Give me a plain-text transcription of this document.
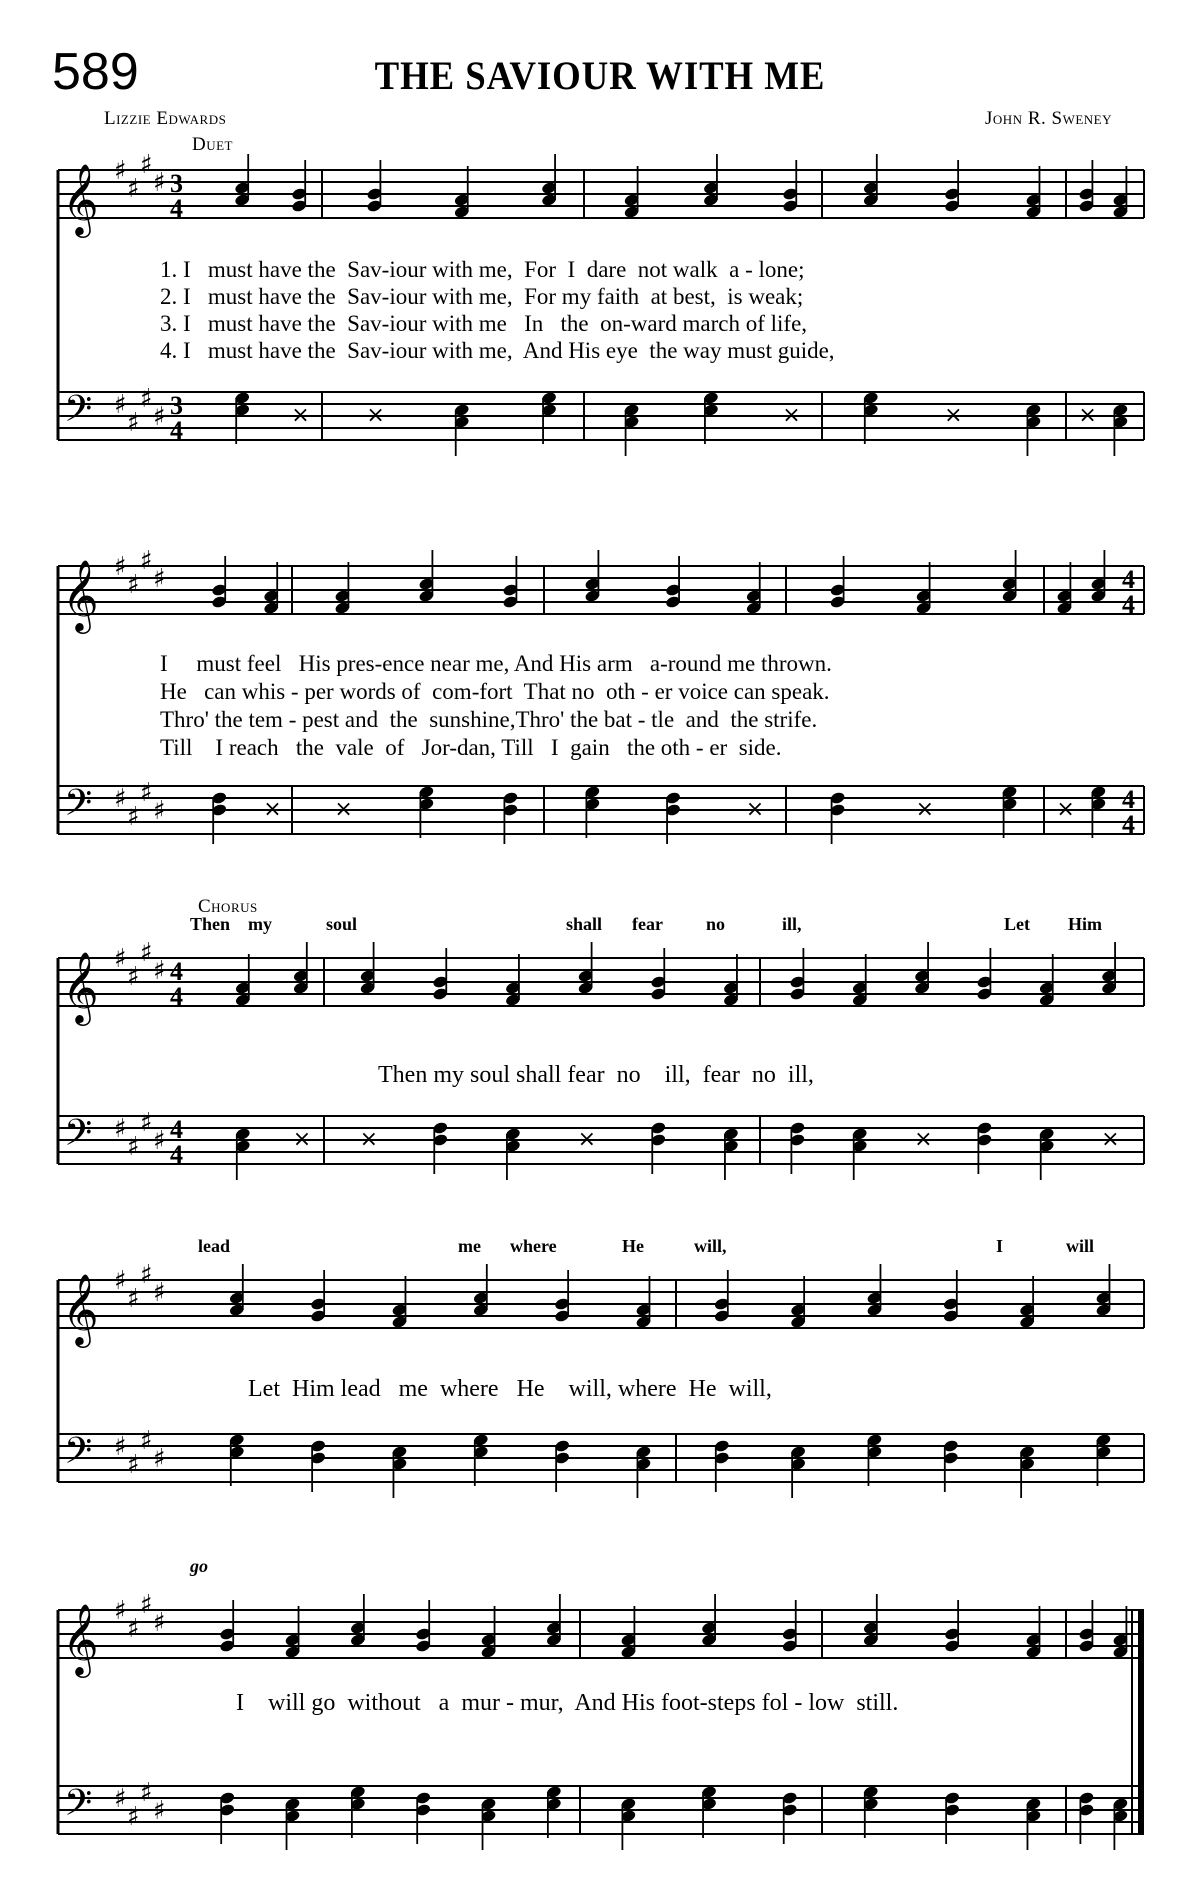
589	THE SAVIOUR WITH ME
Lizzie Edwards	John R. Sweney
Duet
Chorus
1. I   must have the  Sav-iour with me,  For  I  dare  not walk  a - lone;
2. I   must have the  Sav-iour with me,  For my faith  at best,  is weak;
3. I   must have the  Sav-iour with me   In   the  on-ward march of life,
4. I   must have the  Sav-iour with me,  And His eye  the way must guide,
I     must feel   His pres-ence near me, And His arm   a-round me thrown.
He   can whis - per words of  com-fort  That no  oth - er voice can speak.
Thro' the tem - pest and  the  sunshine,Thro' the bat - tle  and  the strife.
Till    I reach   the  vale  of   Jor-dan, Till   I  gain   the oth - er  side.
Then my	soul	shall fear no	ill,	Let Him
Then my soul shall fear  no    ill,  fear  no  ill,
lead	me where	He	will,	I	will
Let  Him lead   me  where   He    will, where  He  will,
go
I    will go  without   a  mur - mur,  And His foot-steps fol - low  still.
𝄞
𝄢
♯
♯
♯
♯
♯
♯
♯
♯
3
4
3
4
×	×	×	×	×
𝄞
𝄢
♯
♯
♯
♯
♯
♯
♯
♯
4
4
4
4
× ×	×	×	×
𝄞
𝄢
♯
♯
♯
♯
♯
♯
♯
♯
4
4
4
4
× ×	×	×	×
𝄞
𝄢
♯
♯
♯
♯
♯
♯
♯
♯
𝄞
𝄢
♯
♯
♯
♯
♯
♯
♯
♯
